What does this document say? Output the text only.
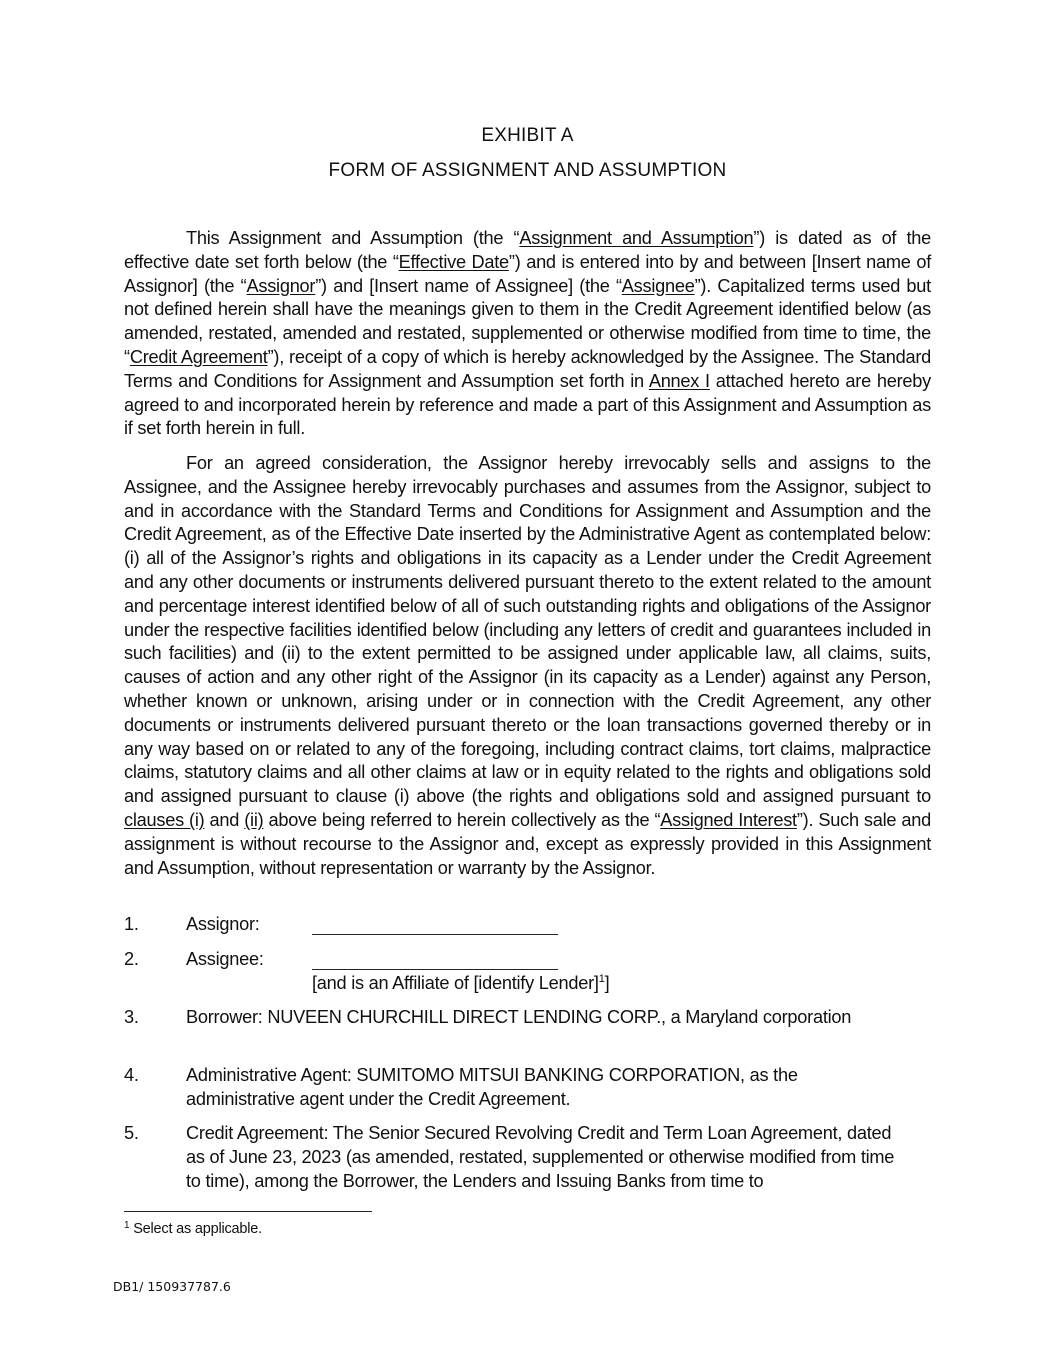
EXHIBIT A
FORM OF ASSIGNMENT AND ASSUMPTION

This Assignment and Assumption (the “Assignment and Assumption”) is dated as of the effective date set forth below (the “Effective Date”) and is entered into by and between [Insert name of Assignor] (the “Assignor”) and [Insert name of Assignee] (the “Assignee”). Capitalized terms used but not defined herein shall have the meanings given to them in the Credit Agreement identified below (as amended, restated, amended and restated, supplemented or otherwise modified from time to time, the “Credit Agreement”), receipt of a copy of which is hereby acknowledged by the Assignee. The Standard Terms and Conditions for Assignment and Assumption set forth in Annex I attached hereto are hereby agreed to and incorporated herein by reference and made a part of this Assignment and Assumption as if set forth herein in full.

For an agreed consideration, the Assignor hereby irrevocably sells and assigns to the Assignee, and the Assignee hereby irrevocably purchases and assumes from the Assignor, subject to and in accordance with the Standard Terms and Conditions for Assignment and Assumption and the Credit Agreement, as of the Effective Date inserted by the Administrative Agent as contemplated below: (i) all of the Assignor’s rights and obligations in its capacity as a Lender under the Credit Agreement and any other documents or instruments delivered pursuant thereto to the extent related to the amount and percentage interest identified below of all of such outstanding rights and obligations of the Assignor under the respective facilities identified below (including any letters of credit and guarantees included in such facilities) and (ii) to the extent permitted to be assigned under applicable law, all claims, suits, causes of action and any other right of the Assignor (in its capacity as a Lender) against any Person, whether known or unknown, arising under or in connection with the Credit Agreement, any other documents or instruments delivered pursuant thereto or the loan transactions governed thereby or in any way based on or related to any of the foregoing, including contract claims, tort claims, malpractice claims, statutory claims and all other claims at law or in equity related to the rights and obligations sold and assigned pursuant to clause (i) above (the rights and obligations sold and assigned pursuant to clauses (i) and (ii) above being referred to herein collectively as the “Assigned Interest”). Such sale and assignment is without recourse to the Assignor and, except as expressly provided in this Assignment and Assumption, without representation or warranty by the Assignor.

1.	Assignor:
2.	Assignee:
[and is an Affiliate of [identify Lender]$^1$]
3.	Borrower: NUVEEN CHURCHILL DIRECT LENDING CORP., a Maryland corporation
4.	Administrative Agent: SUMITOMO MITSUI BANKING CORPORATION, as the administrative agent under the Credit Agreement.
5.	Credit Agreement: The Senior Secured Revolving Credit and Term Loan Agreement, dated as of June 23, 2023 (as amended, restated, supplemented or otherwise modified from time to time), among the Borrower, the Lenders and Issuing Banks from time to
$^1$ Select as applicable.
DB1/ 150937787.6
